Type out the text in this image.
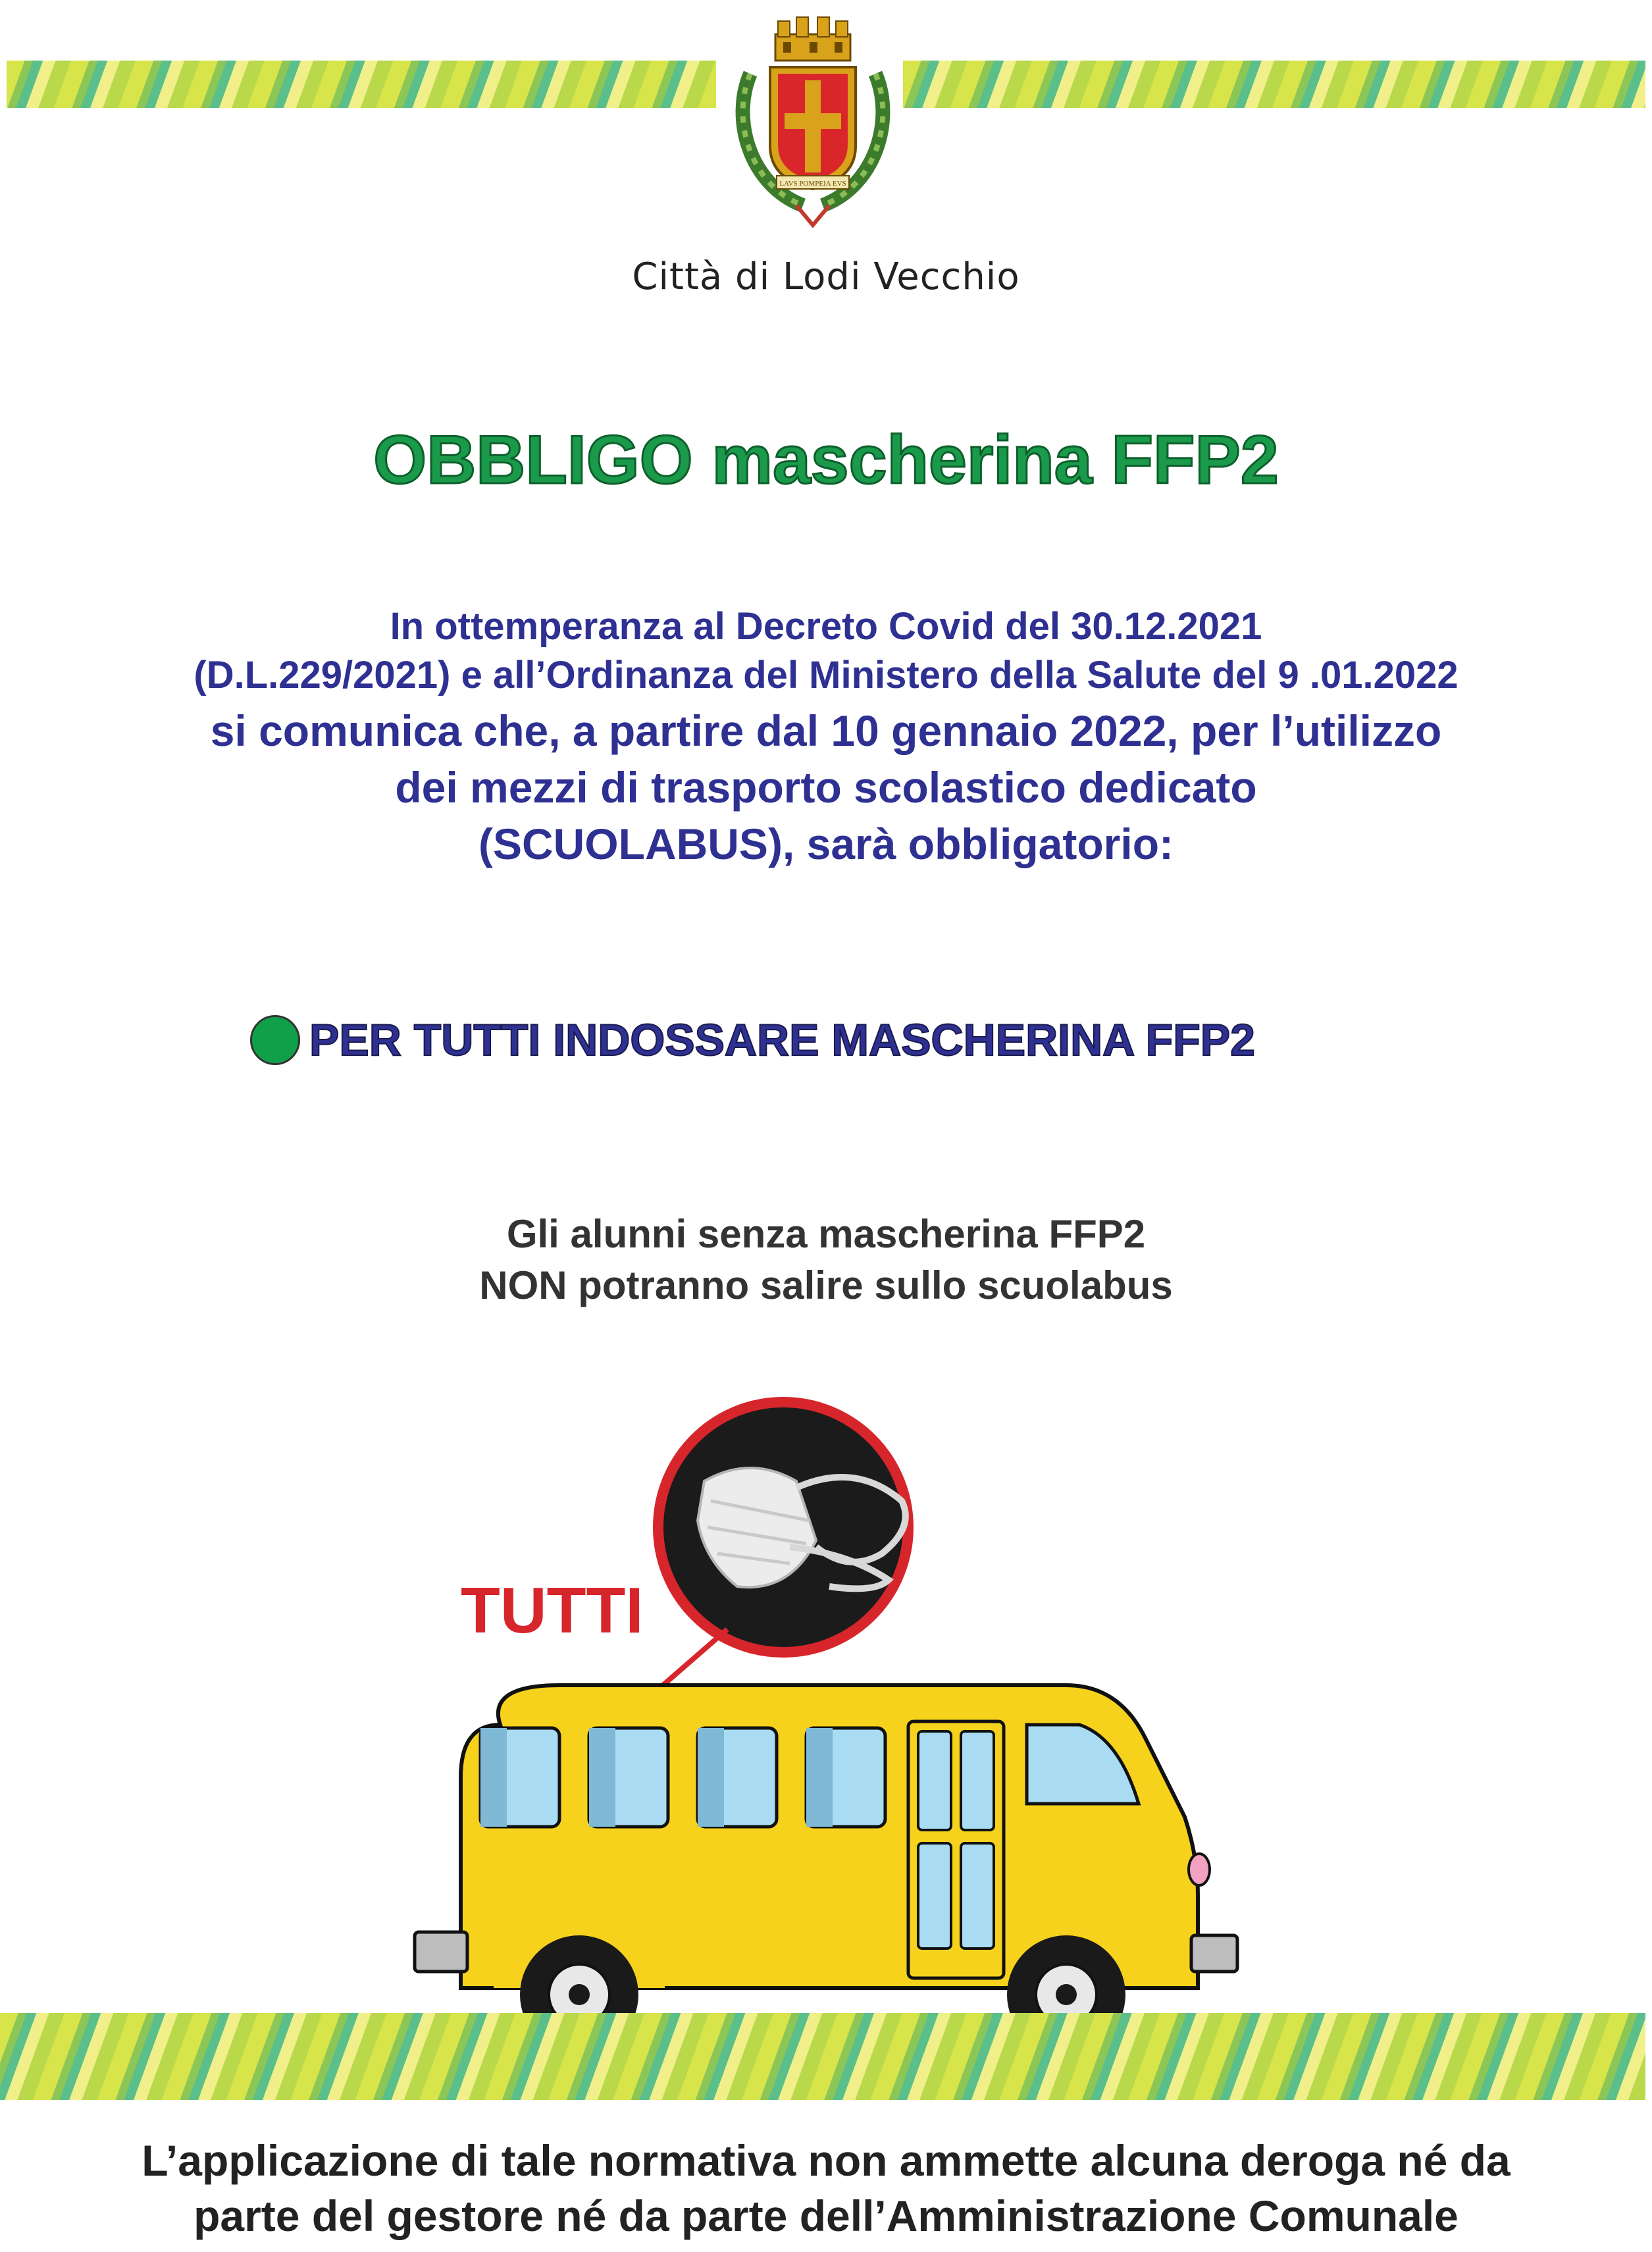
LAVS POMPEIA EVS

Città di Lodi Vecchio

OBBLIGO mascherina FFP2

In ottemperanza al Decreto Covid del 30.12.2021

(D.L.229/2021) e all’Ordinanza del Ministero della Salute del 9 .01.2022

si comunica che, a partire dal 10 gennaio 2022, per l’utilizzo

dei mezzi di trasporto scolastico dedicato

(SCUOLABUS), sarà obbligatorio:

PER TUTTI INDOSSARE MASCHERINA FFP2

Gli alunni senza mascherina FFP2

NON potranno salire sullo scuolabus

TUTTI

L’applicazione di tale normativa non ammette alcuna deroga né da

parte del gestore né da parte dell’Amministrazione Comunale
